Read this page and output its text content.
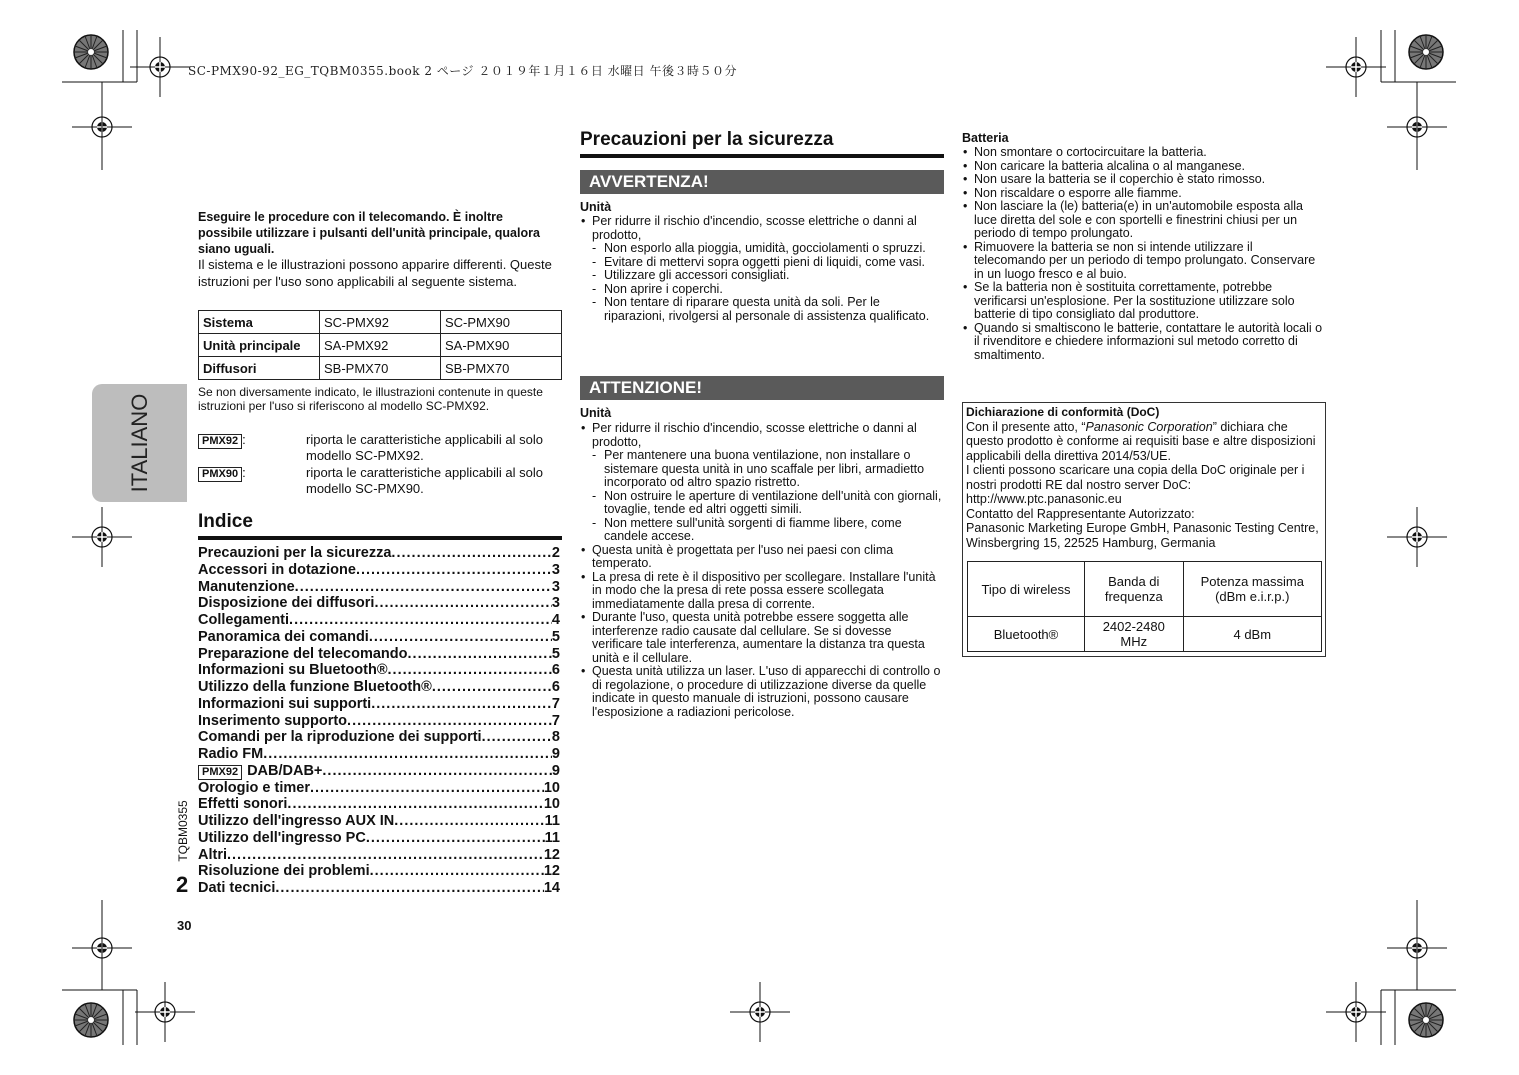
SC-PMX90-92_EG_TQBM0355.book 2 ページ ２０１９年１月１６日 水曜日 午後３時５０分
Eseguire le procedure con il telecomando. È inoltre possibile utilizzare i pulsanti dell'unità principale, qualora siano uguali.
Il sistema e le illustrazioni possono apparire differenti. Queste istruzioni per l'uso sono applicabili al seguente sistema.
Sistema	SC-PMX92	SC-PMX90
Unità principale	SA-PMX92	SA-PMX90
Diffusori	SB-PMX70	SB-PMX70
Se non diversamente indicato, le illustrazioni contenute in queste istruzioni per l'uso si riferiscono al modello SC-PMX92.
PMX92 :	riporta le caratteristiche applicabili al solo modello SC-PMX92.
PMX90 :	riporta le caratteristiche applicabili al solo modello SC-PMX90.
ITALIANO
Indice
Precauzioni per la sicurezza .....	2
Accessori in dotazione .....	3
Manutenzione .....	3
Disposizione dei diffusori .....	3
Collegamenti .....	4
Panoramica dei comandi .....	5
Preparazione del telecomando .....	5
Informazioni su Bluetooth® .....	6
Utilizzo della funzione Bluetooth® .....	6
Informazioni sui supporti .....	7
Inserimento supporto .....	7
Comandi per la riproduzione dei supporti .....	8
Radio FM .....	9
PMX92 DAB/DAB+ .....	9
Orologio e timer .....	10
Effetti sonori .....	10
Utilizzo dell'ingresso AUX IN .....	11
Utilizzo dell'ingresso PC .....	11
Altri .....	12
Risoluzione dei problemi .....	12
Dati tecnici .....	14
TQBM0355
2
30
Precauzioni per la sicurezza
AVVERTENZA!
Unità
• Per ridurre il rischio d'incendio, scosse elettriche o danni al prodotto,
- Non esporlo alla pioggia, umidità, gocciolamenti o spruzzi.
- Evitare di mettervi sopra oggetti pieni di liquidi, come vasi.
- Utilizzare gli accessori consigliati.
- Non aprire i coperchi.
- Non tentare di riparare questa unità da soli. Per le riparazioni, rivolgersi al personale di assistenza qualificato.
ATTENZIONE!
Unità
• Per ridurre il rischio d'incendio, scosse elettriche o danni al prodotto,
- Per mantenere una buona ventilazione, non installare o sistemare questa unità in uno scaffale per libri, armadietto incorporato od altro spazio ristretto.
- Non ostruire le aperture di ventilazione dell'unità con giornali, tovaglie, tende ed altri oggetti simili.
- Non mettere sull'unità sorgenti di fiamme libere, come candele accese.
• Questa unità è progettata per l'uso nei paesi con clima temperato.
• La presa di rete è il dispositivo per scollegare. Installare l'unità in modo che la presa di rete possa essere scollegata immediatamente dalla presa di corrente.
• Durante l'uso, questa unità potrebbe essere soggetta alle interferenze radio causate dal cellulare. Se si dovesse verificare tale interferenza, aumentare la distanza tra questa unità e il cellulare.
• Questa unità utilizza un laser. L'uso di apparecchi di controllo o di regolazione, o procedure di utilizzazione diverse da quelle indicate in questo manuale di istruzioni, possono causare l'esposizione a radiazioni pericolose.
Batteria
• Non smontare o cortocircuitare la batteria.
• Non caricare la batteria alcalina o al manganese.
• Non usare la batteria se il coperchio è stato rimosso.
• Non riscaldare o esporre alle fiamme.
• Non lasciare la (le) batteria(e) in un'automobile esposta alla luce diretta del sole e con sportelli e finestrini chiusi per un periodo di tempo prolungato.
• Rimuovere la batteria se non si intende utilizzare il telecomando per un periodo di tempo prolungato. Conservare in un luogo fresco e al buio.
• Se la batteria non è sostituita correttamente, potrebbe verificarsi un'esplosione. Per la sostituzione utilizzare solo batterie di tipo consigliato dal produttore.
• Quando si smaltiscono le batterie, contattare le autorità locali o il rivenditore e chiedere informazioni sul metodo corretto di smaltimento.
Dichiarazione di conformità (DoC)
Con il presente atto, “Panasonic Corporation” dichiara che questo prodotto è conforme ai requisiti base e altre disposizioni applicabili della direttiva 2014/53/UE.
I clienti possono scaricare una copia della DoC originale per i nostri prodotti RE dal nostro server DoC:
http://www.ptc.panasonic.eu
Contatto del Rappresentante Autorizzato:
Panasonic Marketing Europe GmbH, Panasonic Testing Centre, Winsbergring 15, 22525 Hamburg, Germania
Tipo di wireless	Banda di frequenza	Potenza massima (dBm e.i.r.p.)
Bluetooth®	2402-2480 MHz	4 dBm
